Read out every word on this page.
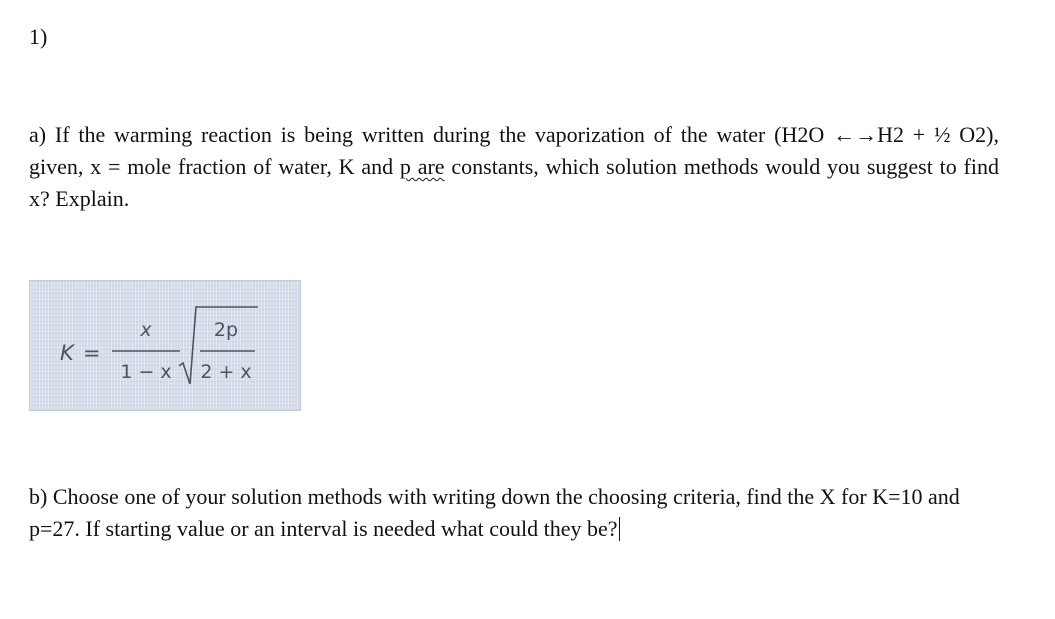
1)
a) If the warming reaction is being written during the vaporization of the water (H2O ←→H2 + ½ O2), given, x = mole fraction of water, K and p are constants, which solution methods would you suggest to find x? Explain.
K =
x
1 − x
2p
2 + x
b) Choose one of your solution methods with writing down the choosing criteria, find the X for K=10 and p=27. If starting value or an interval is needed what could they be?
